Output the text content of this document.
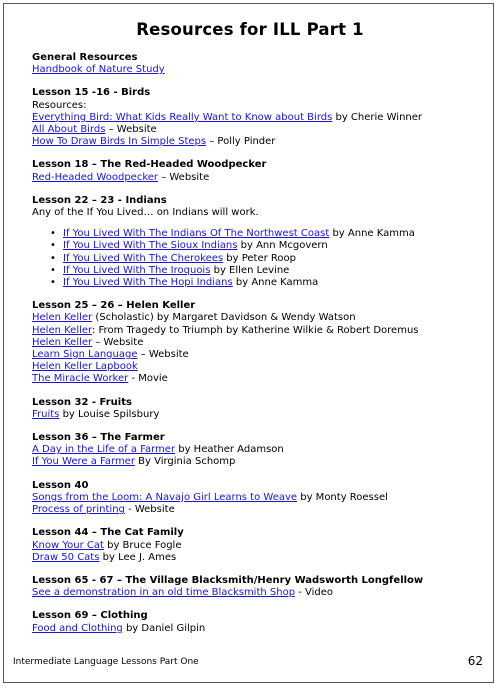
Resources for ILL Part 1
General Resources
Handbook of Nature Study
Lesson 15 -16 - Birds
Resources:
Everything Bird: What Kids Really Want to Know about Birds by Cherie Winner
All About Birds – Website
How To Draw Birds In Simple Steps – Polly Pinder
Lesson 18 – The Red-Headed Woodpecker
Red-Headed Woodpecker – Website
Lesson 22 – 23 - Indians
Any of the If You Lived… on Indians will work.
• If You Lived With The Indians Of The Northwest Coast by Anne Kamma
• If You Lived With The Sioux Indians by Ann Mcgovern
• If You Lived With The Cherokees by Peter Roop
• If You Lived With The Iroquois by Ellen Levine
• If You Lived With The Hopi Indians by Anne Kamma
Lesson 25 – 26 – Helen Keller
Helen Keller (Scholastic) by Margaret Davidson & Wendy Watson
Helen Keller: From Tragedy to Triumph by Katherine Wilkie & Robert Doremus
Helen Keller – Website
Learn Sign Language – Website
Helen Keller Lapbook
The Miracle Worker - Movie
Lesson 32 - Fruits
Fruits by Louise Spilsbury
Lesson 36 – The Farmer
A Day in the Life of a Farmer by Heather Adamson
If You Were a Farmer By Virginia Schomp
Lesson 40
Songs from the Loom: A Navajo Girl Learns to Weave by Monty Roessel
Process of printing - Website
Lesson 44 – The Cat Family
Know Your Cat by Bruce Fogle
Draw 50 Cats by Lee J. Ames
Lesson 65 - 67 – The Village Blacksmith/Henry Wadsworth Longfellow
See a demonstration in an old time Blacksmith Shop - Video
Lesson 69 – Clothing
Food and Clothing by Daniel Gilpin
Intermediate Language Lessons Part One	62
